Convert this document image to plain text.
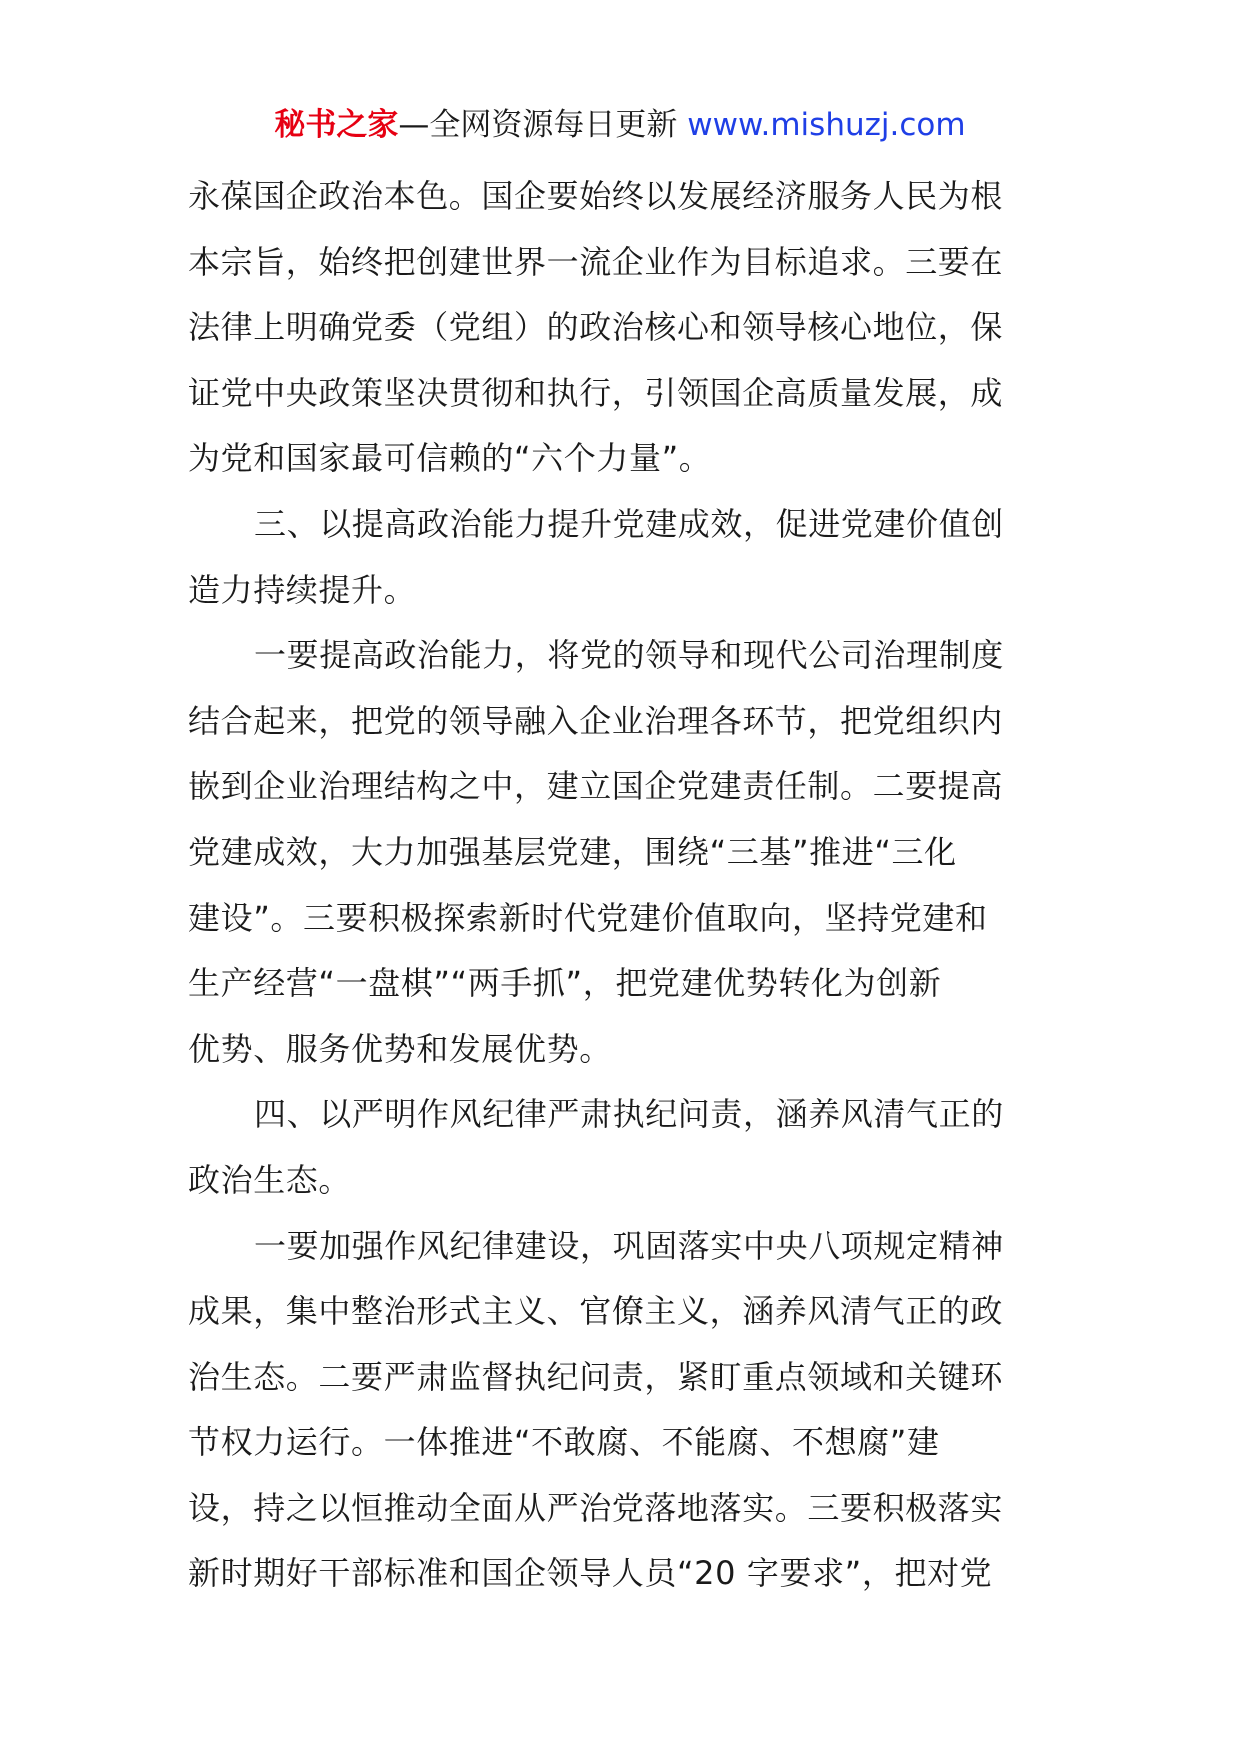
秘书之家—全网资源每日更新 www.mishuzj.com
永葆国企政治本色。国企要始终以发展经济服务人民为根
本宗旨，始终把创建世界一流企业作为目标追求。三要在
法律上明确党委（党组）的政治核心和领导核心地位，保
证党中央政策坚决贯彻和执行，引领国企高质量发展，成
为党和国家最可信赖的“六个力量”。
三、以提高政治能力提升党建成效，促进党建价值创
造力持续提升。
一要提高政治能力，将党的领导和现代公司治理制度
结合起来，把党的领导融入企业治理各环节，把党组织内
嵌到企业治理结构之中，建立国企党建责任制。二要提高
党建成效，大力加强基层党建，围绕“三基”推进“三化
建设”。三要积极探索新时代党建价值取向，坚持党建和
生产经营“一盘棋”“两手抓”，把党建优势转化为创新
优势、服务优势和发展优势。
四、以严明作风纪律严肃执纪问责，涵养风清气正的
政治生态。
一要加强作风纪律建设，巩固落实中央八项规定精神
成果，集中整治形式主义、官僚主义，涵养风清气正的政
治生态。二要严肃监督执纪问责，紧盯重点领域和关键环
节权力运行。一体推进“不敢腐、不能腐、不想腐”建
设，持之以恒推动全面从严治党落地落实。三要积极落实
新时期好干部标准和国企领导人员“20 字要求”，把对党
